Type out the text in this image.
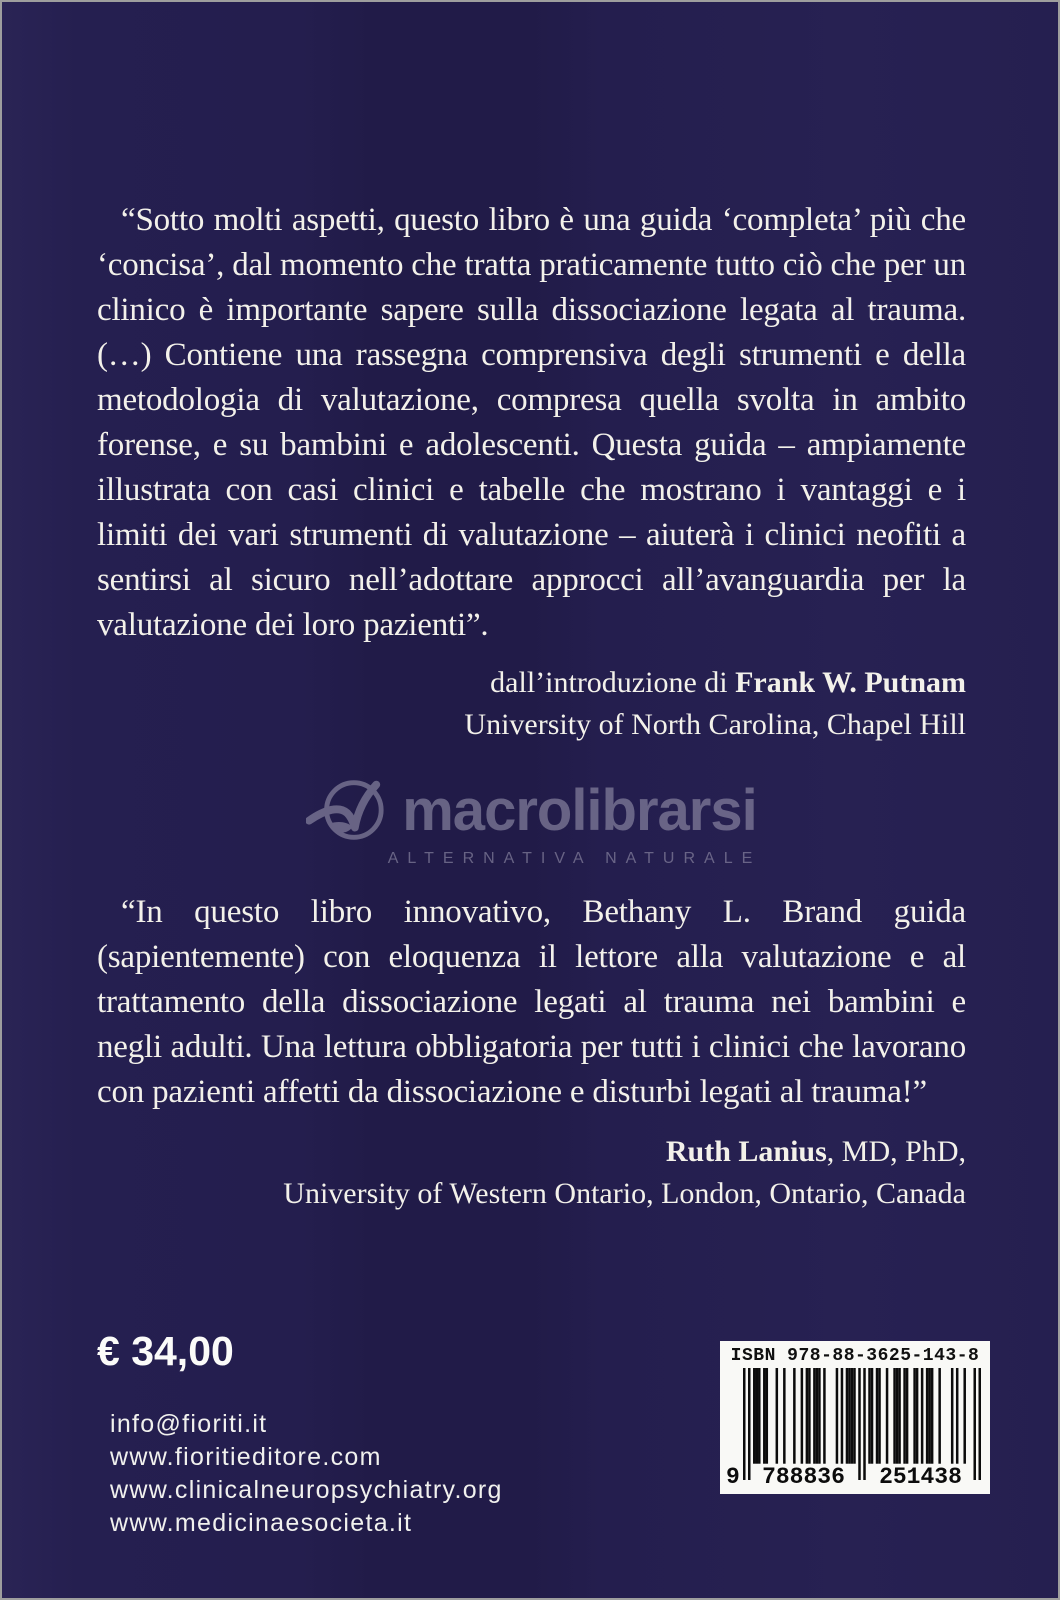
“Sotto molti aspetti, questo libro è una guida ‘completa’ più che ‘concisa’, dal momento che tratta praticamente tutto ciò che per un clinico è importante sapere sulla dissociazione legata al trauma. (…) Contiene una rassegna comprensiva degli strumenti e della metodologia di valutazione, compresa quella svolta in ambito forense, e su bambini e adolescenti. Questa guida – ampiamente illustrata con casi clinici e tabelle che mostrano i vantaggi e i limiti dei vari strumenti di valutazione – aiuterà i clinici neofiti a sentirsi al sicuro nell’adottare approcci all’avanguardia per la valutazione dei loro pazienti”.

dall’introduzione di Frank W. Putnam
University of North Carolina, Chapel Hill
macrolibrarsi
ALTERNATIVA NATURALE

“In questo libro innovativo, Bethany L. Brand guida (sapientemente) con eloquenza il lettore alla valutazione e al trattamento della dissociazione legati al trauma nei bambini e negli adulti. Una lettura obbligatoria per tutti i clinici che lavorano con pazienti affetti da dissociazione e disturbi legati al trauma!”

Ruth Lanius, MD, PhD,
University of Western Ontario, London, Ontario, Canada
€ 34,00
info@fioriti.it
www.fioritieditore.com
www.clinicalneuropsychiatry.org
www.medicinaesocieta.it
ISBN 978-88-3625-143-8
9 788836	251438
